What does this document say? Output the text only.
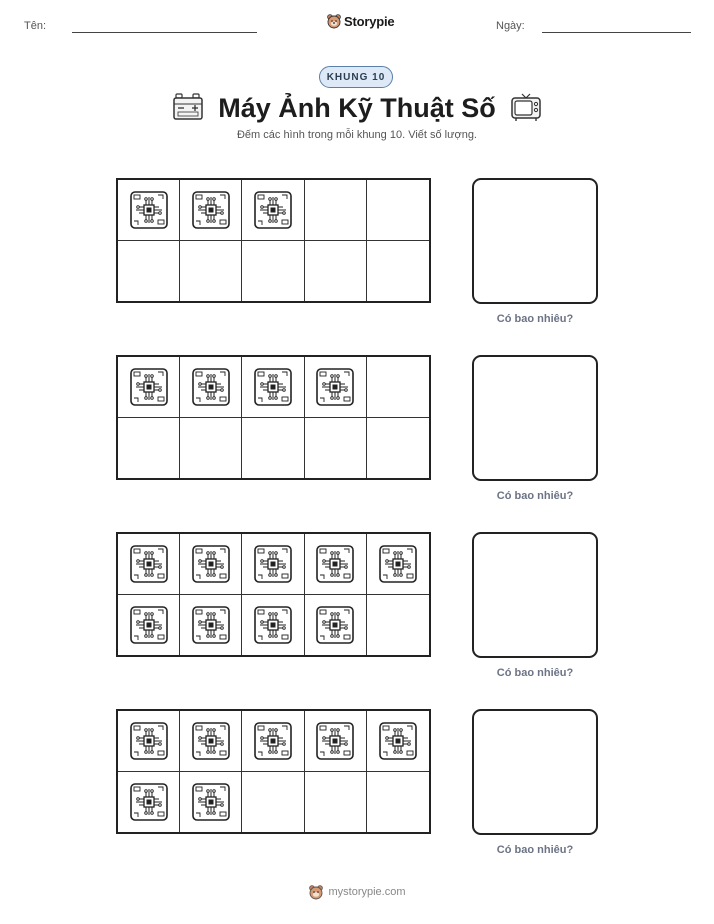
Tên:	Storypie	Ngày:
KHUNG 10
Máy Ảnh Kỹ Thuật Số
Đếm các hình trong mỗi khung 10. Viết số lượng.
Có bao nhiêu?
Có bao nhiêu?
Có bao nhiêu?
Có bao nhiêu?
mystorypie.com
